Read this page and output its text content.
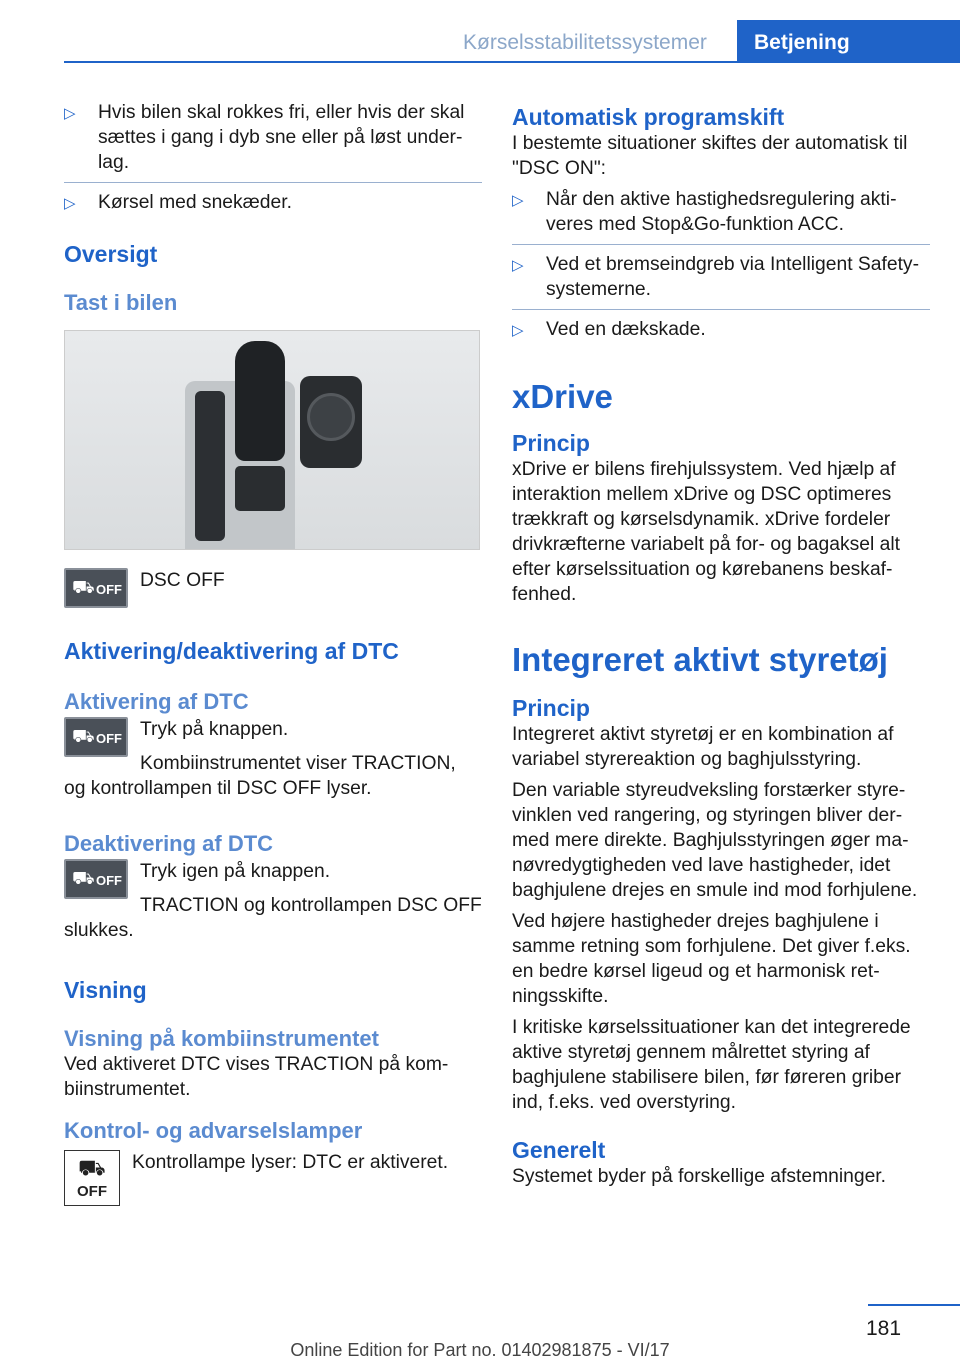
Kørselsstabilitetssystemer	Betjening
▷ Hvis bilen skal rokkes fri, eller hvis der skal sættes i gang i dyb sne eller på løst underlag.
▷ Kørsel med snekæder.
Oversigt
Tast i bilen
⛟ OFF DSC OFF
Aktivering/deaktivering af DTC
Aktivering af DTC
⛟ OFF Tryk på knappen.

Kombiinstrumentet viser TRACTION, og kontrollampen til DSC OFF lyser.

Deaktivering af DTC
⛟ OFF Tryk igen på knappen.

TRACTION og kontrollampen DSC OFF slukkes.

Visning
Visning på kombiinstrumentet

Ved aktiveret DTC vises TRACTION på kombiinstrumentet.

Kontrol- og advarselslamper
⛟
OFF
Kontrollampe lyser: DTC er aktiveret.
Automatisk programskift

I bestemte situationer skiftes der automatisk til "DSC ON":

▷ Når den aktive hastighedsregulering aktiveres med Stop&Go-funktion ACC.
▷ Ved et bremseindgreb via Intelligent Safety-systemerne.
▷ Ved en dækskade.
xDrive
Princip

xDrive er bilens firehjulssystem. Ved hjælp af interaktion mellem xDrive og DSC optimeres trækkraft og kørselsdynamik. xDrive fordeler drivkræfterne variabelt på for- og bagaksel alt efter kørselssituation og kørebanens beskaffenhed.

Integreret aktivt styretøj
Princip

Integreret aktivt styretøj er en kombination af variabel styrereaktion og baghjulsstyring.

Den variable styreudveksling forstærker styrevinklen ved rangering, og styringen bliver dermed mere direkte. Baghjulsstyringen øger manøvredygtigheden ved lave hastigheder, idet baghjulene drejes en smule ind mod forhjulene.

Ved højere hastigheder drejes baghjulene i samme retning som forhjulene. Det giver f.eks. en bedre kørsel ligeud og et harmonisk retningsskifte.

I kritiske kørselssituationer kan det integrerede aktive styretøj gennem målrettet styring af baghjulene stabilisere bilen, før føreren griber ind, f.eks. ved overstyring.

Generelt

Systemet byder på forskellige afstemninger.

181
Online Edition for Part no. 01402981875 - VI/17
